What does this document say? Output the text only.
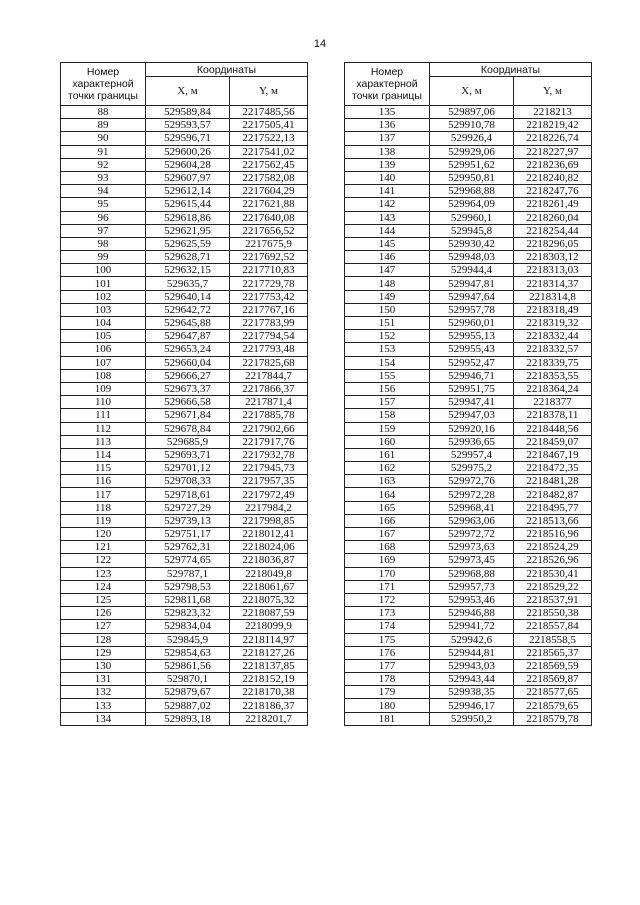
14
Номер
характерной
точки границы	Координаты	
	X, м	Y, м
88	529589,84	2217485,56
89	529593,57	2217505,41
90	529596,71	2217522,13
91	529600,26	2217541,02
92	529604,28	2217562,45
93	529607,97	2217582,08
94	529612,14	2217604,29
95	529615,44	2217621,88
96	529618,86	2217640,08
97	529621,95	2217656,52
98	529625,59	2217675,9
99	529628,71	2217692,52
100	529632,15	2217710,83
101	529635,7	2217729,78
102	529640,14	2217753,42
103	529642,72	2217767,16
104	529645,88	2217783,99
105	529647,87	2217794,54
106	529653,24	2217793,48
107	529660,04	2217825,68
108	529666,27	2217844,7
109	529673,37	2217866,37
110	529666,58	2217871,4
111	529671,84	2217885,78
112	529678,84	2217902,66
113	529685,9	2217917,76
114	529693,71	2217932,78
115	529701,12	2217945,73
116	529708,33	2217957,35
117	529718,61	2217972,49
118	529727,29	2217984,2
119	529739,13	2217998,85
120	529751,17	2218012,41
121	529762,31	2218024,06
122	529774,65	2218036,87
123	529787,1	2218049,8
124	529798,53	2218061,67
125	529811,68	2218075,32
126	529823,32	2218087,59
127	529834,04	2218099,9
128	529845,9	2218114,97
129	529854,63	2218127,26
130	529861,56	2218137,85
131	529870,1	2218152,19
132	529879,67	2218170,38
133	529887,02	2218186,37
134	529893,18	2218201,7
Номер
характерной
точки границы	Координаты	
	X, м	Y, м
135	529897,06	2218213
136	529910,78	2218219,42
137	529926,4	2218226,74
138	529929,06	2218227,97
139	529951,62	2218236,69
140	529950,81	2218240,82
141	529968,88	2218247,76
142	529964,09	2218261,49
143	529960,1	2218260,04
144	529945,8	2218254,44
145	529930,42	2218296,05
146	529948,03	2218303,12
147	529944,4	2218313,03
148	529947,81	2218314,37
149	529947,64	2218314,8
150	529957,78	2218318,49
151	529960,01	2218319,32
152	529955,13	2218332,44
153	529955,43	2218332,57
154	529952,47	2218339,75
155	529946,71	2218353,55
156	529951,75	2218364,24
157	529947,41	2218377
158	529947,03	2218378,11
159	529920,16	2218448,56
160	529936,65	2218459,07
161	529957,4	2218467,19
162	529975,2	2218472,35
163	529972,76	2218481,28
164	529972,28	2218482,87
165	529968,41	2218495,77
166	529963,06	2218513,66
167	529972,72	2218516,96
168	529973,63	2218524,29
169	529973,45	2218526,96
170	529968,88	2218530,41
171	529957,73	2218529,22
172	529953,46	2218537,91
173	529946,88	2218550,38
174	529941,72	2218557,84
175	529942,6	2218558,5
176	529944,81	2218565,37
177	529943,03	2218569,59
178	529943,44	2218569,87
179	529938,35	2218577,65
180	529946,17	2218579,65
181	529950,2	2218579,78
